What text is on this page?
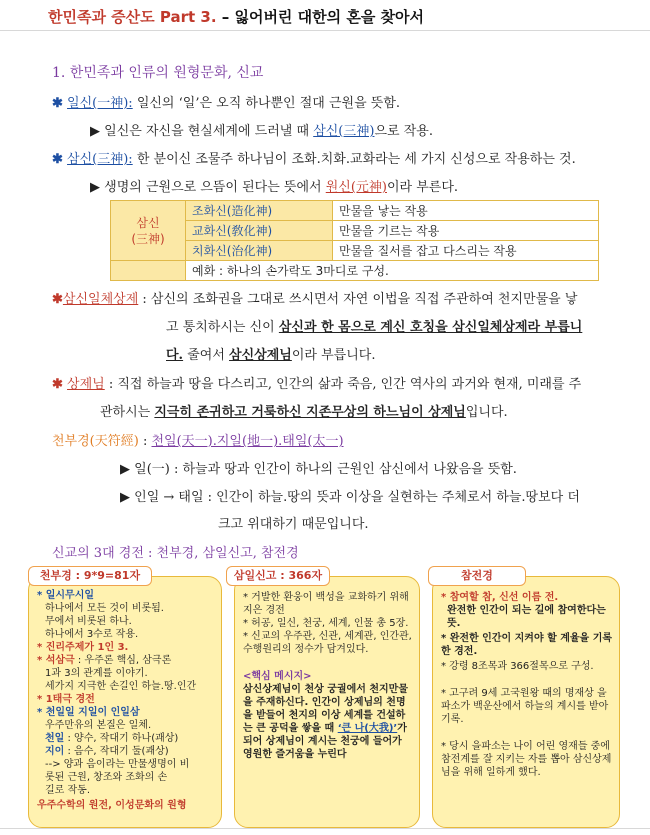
한민족과 증산도 Part 3. – 잃어버린 대한의 혼을 찾아서
1. 한민족과 인류의 원형문화, 신교
✱ 일신(一神): 일신의 ‘일’은 오직 하나뿐인 절대 근원을 뜻함.
▶ 일신은 자신을 현실세계에 드러낼 때 삼신(三神)으로 작용.
✱ 삼신(三神): 한 분이신 조물주 하나님이 조화.치화.교화라는 세 가지 신성으로 작용하는 것.
▶ 생명의 근원으로 으뜸이 된다는 뜻에서 원신(元神)이라 부른다.
삼신
(三神)	조화신(造化神)	만물을 낳는 작용
	교화신(敎化神)	만물을 기르는 작용
	치화신(治化神)	만물을 질서를 잡고 다스리는 작용
	예화 : 하나의 손가락도 3마디로 구성.	
✱삼신일체상제 : 삼신의 조화권을 그대로 쓰시면서 자연 이법을 직접 주관하여 천지만물을 낳
고 통치하시는 신이 삼신과 한 몸으로 계신 호칭을 삼신일체상제라 부릅니
다. 줄여서 삼신상제님이라 부릅니다.
✱ 상제님 : 직접 하늘과 땅을 다스리고, 인간의 삶과 죽음, 인간 역사의 과거와 현재, 미래를 주
관하시는 지극히 존귀하고 거룩하신 지존무상의 하느님이 상제님입니다.
천부경(天符經) : 천일(天一).지일(地一).태일(太一)
▶ 일(一) : 하늘과 땅과 인간이 하나의 근원인 삼신에서 나왔음을 뜻함.
▶ 인일 → 태일 : 인간이 하늘.땅의 뜻과 이상을 실현하는 주체로서 하늘.땅보다 더
크고 위대하기 때문입니다.
신교의 3대 경전 : 천부경, 삼일신고, 참전경

* 일시무시일

하나에서 모든 것이 비롯됨.

무에서 비롯된 하나.

하나에서 3수로 작용.

* 진리주제가 1인 3.

* 석삼극 : 우주론 핵심, 삼극론

1과 3의 관계를 이야기.

세가지 지극한 손길인 하늘.땅.인간

* 1태극 경전

* 천일일 지일이 인일삼

우주만유의 본질은 일체.

천일 : 양수, 작대기 하나(괘상)

지이 : 음수, 작대기 둘(괘상)

--> 양과 음이라는 만물생명이 비

롯된 근원, 창조와 조화의 손

길로 작동.

우주수학의 원전, 이성문화의 원형

천부경 : 9*9=81자

* 거발한 환웅이 백성을 교화하기 위해 지은 경전

* 허공, 일신, 천궁, 세계, 인물 총 5장.

* 신교의 우주관, 신관, 세계관, 인간관, 수행원리의 정수가 담겨있다.

<핵심 메시지>

삼신상제님이 천상 궁궐에서 천지만물을 주재하신다. 인간이 상제님의 천명을 받들어 천지의 이상 세계를 건설하는 큰 공덕을 쌓을 때 ‘큰 나(大我)’가 되어 상제님이 계시는 천궁에 들어가 영원한 즐거움을 누린다

삼일신고 : 366자

* 참여할 참, 신선 이름 전.

완전한 인간이 되는 길에 참여한다는 뜻.

* 완전한 인간이 지켜야 할 계율을 기록한 경전.

* 강령 8조목과 366절목으로 구성.

* 고구려 9세 고국원왕 때의 명재상 을파소가 백운산에서 하늘의 계시를 받아 기록.

* 당시 을파소는 나이 어린 영재들 중에 참전계를 잘 지키는 자를 뽑아 삼신상제님을 위해 일하게 했다.

참전경
